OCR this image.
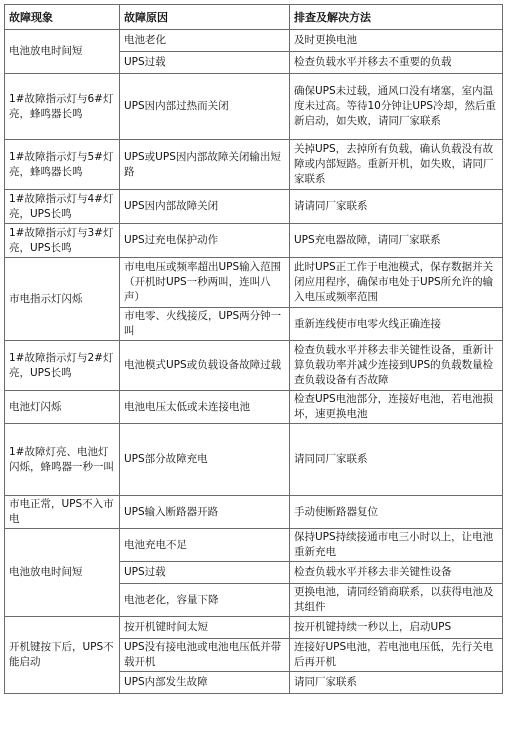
故障现象	故障原因	排查及解决方法
电池放电时间短	电池老化	及时更换电池
	UPS过载	检查负载水平并移去不重要的负载
1#故障指示灯与6#灯亮，蜂鸣器长鸣	UPS因内部过热而关闭	确保UPS未过载，通风口没有堵塞，室内温度未过高。等待10分钟让UPS冷却，然后重新启动，如失败，请同厂家联系
1#故障指示灯与5#灯亮，蜂鸣器长鸣	UPS或UPS因内部故障关闭输出短路	关掉UPS，去掉所有负载，确认负载没有故障或内部短路。重新开机，如失败，请同厂家联系
1#故障指示灯与4#灯亮，UPS长鸣	UPS因内部故障关闭	请请同厂家联系
1#故障指示灯与3#灯亮，UPS长鸣	UPS过充电保护动作	UPS充电器故障，请同厂家联系
市电指示灯闪烁	市电电压或频率超出UPS输入范围（开机时UPS一秒两叫，连叫八声）	此时UPS正工作于电池模式，保存数据并关闭应用程序，确保市电处于UPS所允许的输入电压或频率范围
	市电零、火线接反，UPS两分钟一叫	重新连线使市电零火线正确连接
1#故障指示灯与2#灯亮，UPS长鸣	电池模式UPS或负载设备故障过载	检查负载水平并移去非关键性设备，重新计算负载功率并减少连接到UPS的负载数量检查负载设备有否故障
电池灯闪烁	电池电压太低或未连接电池	检查UPS电池部分，连接好电池，若电池损坏，速更换电池
1#故障灯亮、电池灯闪烁，蜂鸣器一秒一叫	UPS部分故障充电	请同同厂家联系
市电正常，UPS不入市电	UPS输入断路器开路	手动使断路器复位
电池放电时间短	电池充电不足	保持UPS持续接通市电三小时以上，让电池重新充电
	UPS过载	检查负载水平并移去非关键性设备
	电池老化，容量下降	更换电池，请同经销商联系，以获得电池及其组件
开机键按下后，UPS不能启动	按开机键时间太短	按开机键持续一秒以上，启动UPS
	UPS没有接电池或电池电压低并带载开机	连接好UPS电池，若电池电压低，先行关电后再开机
	UPS内部发生故障	请同厂家联系
